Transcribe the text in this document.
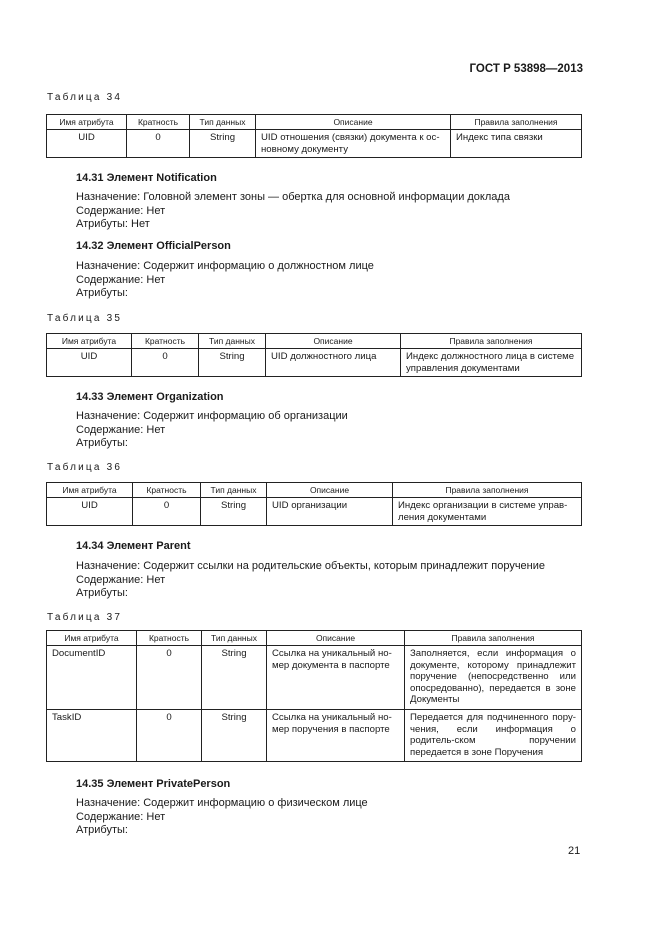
ГОСТ Р 53898—2013
Таблица 34
Имя атрибута	Кратность	Тип данных	Описание	Правила заполнения
UID	0	String	UID отношения (связки) документа к ос-новному документу	Индекс типа связки
14.31 Элемент Notification
Назначение: Головной элемент зоны — обертка для основной информации доклада
Содержание: Нет
Атрибуты: Нет
14.32 Элемент OfficialPerson
Назначение: Содержит информацию о должностном лице
Содержание: Нет
Атрибуты:
Таблица 35
Имя атрибута	Кратность	Тип данных	Описание	Правила заполнения
UID	0	String	UID должностного лица	Индекс должностного лица в системе управления документами
14.33 Элемент Organization
Назначение: Содержит информацию об организации
Содержание: Нет
Атрибуты:
Таблица 36
Имя атрибута	Кратность	Тип данных	Описание	Правила заполнения
UID	0	String	UID организации	Индекс организации в системе управ-ления документами
14.34 Элемент Parent
Назначение: Содержит ссылки на родительские объекты, которым принадлежит поручение
Содержание: Нет
Атрибуты:
Таблица 37
Имя атрибута	Кратность	Тип данных	Описание	Правила заполнения
DocumentID	0	String	Ссылка на уникальный но-мер документа в паспорте	Заполняется, если информация о документе, которому принадлежит поручение (непосредственно или опосредованно), передается в зоне Документы
TaskID	0	String	Ссылка на уникальный но-мер поручения в паспорте	Передается для подчиненного пору-чения, если информация о родитель-ском поручении передается в зоне Поручения
14.35 Элемент PrivatePerson
Назначение: Содержит информацию о физическом лице
Содержание: Нет
Атрибуты:
21
